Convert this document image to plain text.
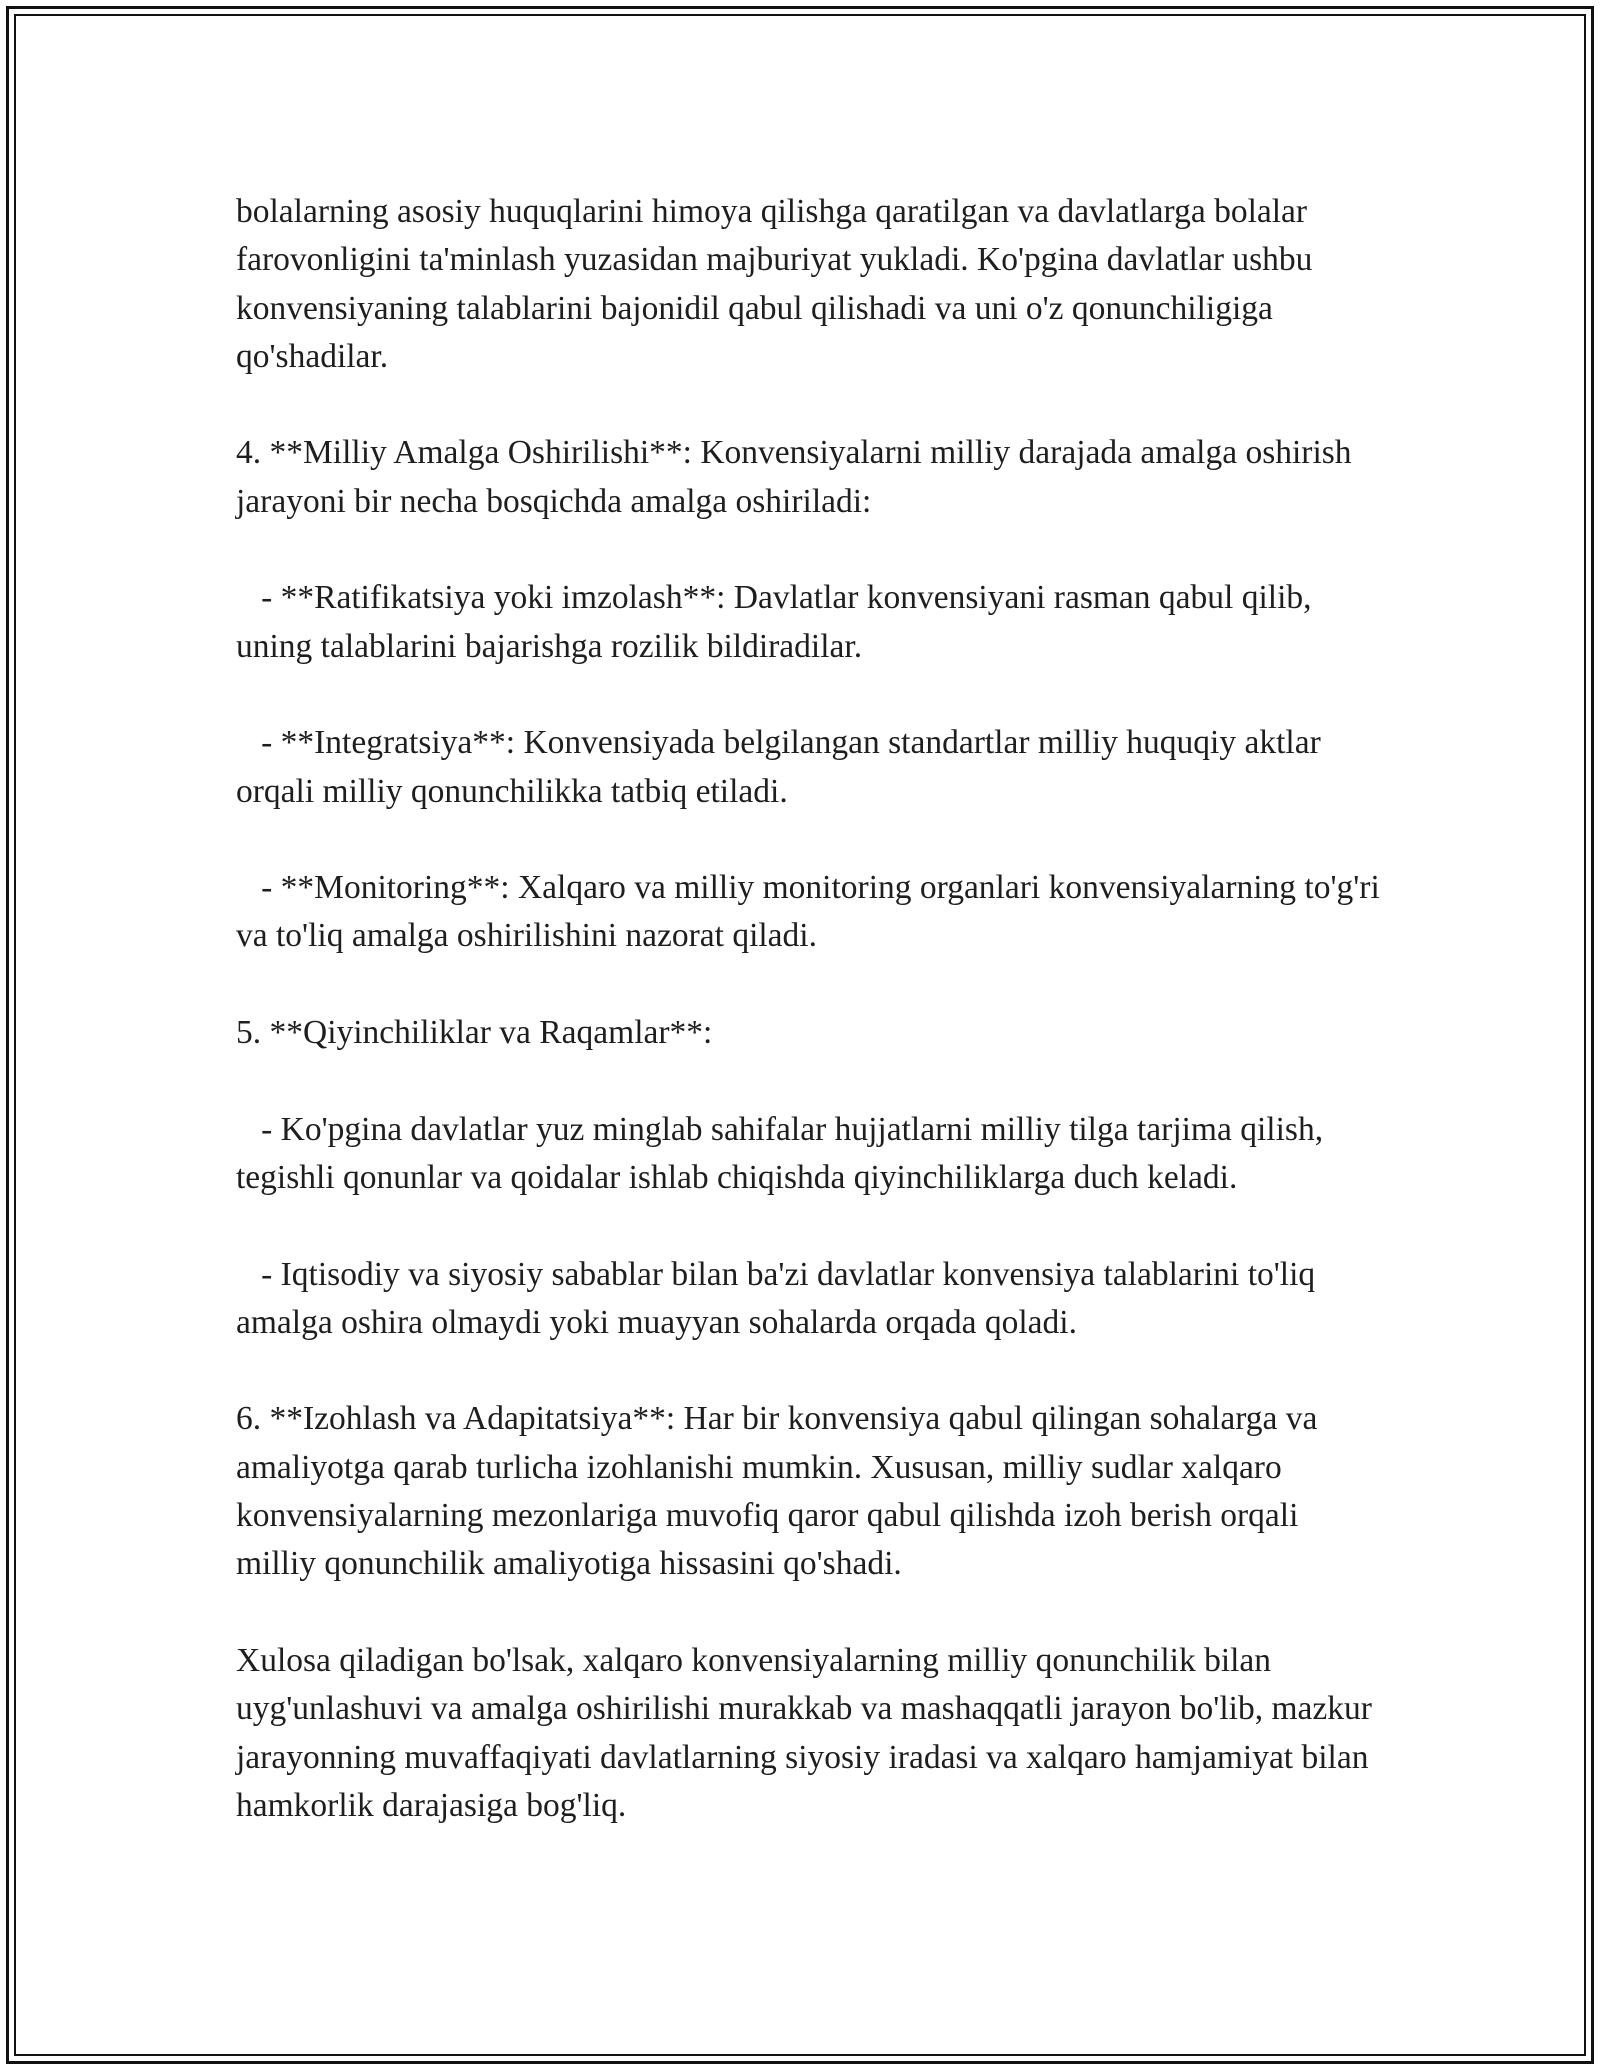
bolalarning asosiy huquqlarini himoya qilishga qaratilgan va davlatlarga bolalar farovonligini ta'minlash yuzasidan majburiyat yukladi. Ko'pgina davlatlar ushbu konvensiyaning talablarini bajonidil qabul qilishadi va uni o'z qonunchiligiga qo'shadilar.

4. **Milliy Amalga Oshirilishi**: Konvensiyalarni milliy darajada amalga oshirish jarayoni bir necha bosqichda amalga oshiriladi:

- **Ratifikatsiya yoki imzolash**: Davlatlar konvensiyani rasman qabul qilib, uning talablarini bajarishga rozilik bildiradilar.

- **Integratsiya**: Konvensiyada belgilangan standartlar milliy huquqiy aktlar orqali milliy qonunchilikka tatbiq etiladi.

- **Monitoring**: Xalqaro va milliy monitoring organlari konvensiyalarning to'g'ri va to'liq amalga oshirilishini nazorat qiladi.

5. **Qiyinchiliklar va Raqamlar**:

- Ko'pgina davlatlar yuz minglab sahifalar hujjatlarni milliy tilga tarjima qilish, tegishli qonunlar va qoidalar ishlab chiqishda qiyinchiliklarga duch keladi.

- Iqtisodiy va siyosiy sabablar bilan ba'zi davlatlar konvensiya talablarini to'liq amalga oshira olmaydi yoki muayyan sohalarda orqada qoladi.

6. **Izohlash va Adapitatsiya**: Har bir konvensiya qabul qilingan sohalarga va amaliyotga qarab turlicha izohlanishi mumkin. Xususan, milliy sudlar xalqaro konvensiyalarning mezonlariga muvofiq qaror qabul qilishda izoh berish orqali milliy qonunchilik amaliyotiga hissasini qo'shadi.

Xulosa qiladigan bo'lsak, xalqaro konvensiyalarning milliy qonunchilik bilan uyg'unlashuvi va amalga oshirilishi murakkab va mashaqqatli jarayon bo'lib, mazkur jarayonning muvaffaqiyati davlatlarning siyosiy iradasi va xalqaro hamjamiyat bilan hamkorlik darajasiga bog'liq.
